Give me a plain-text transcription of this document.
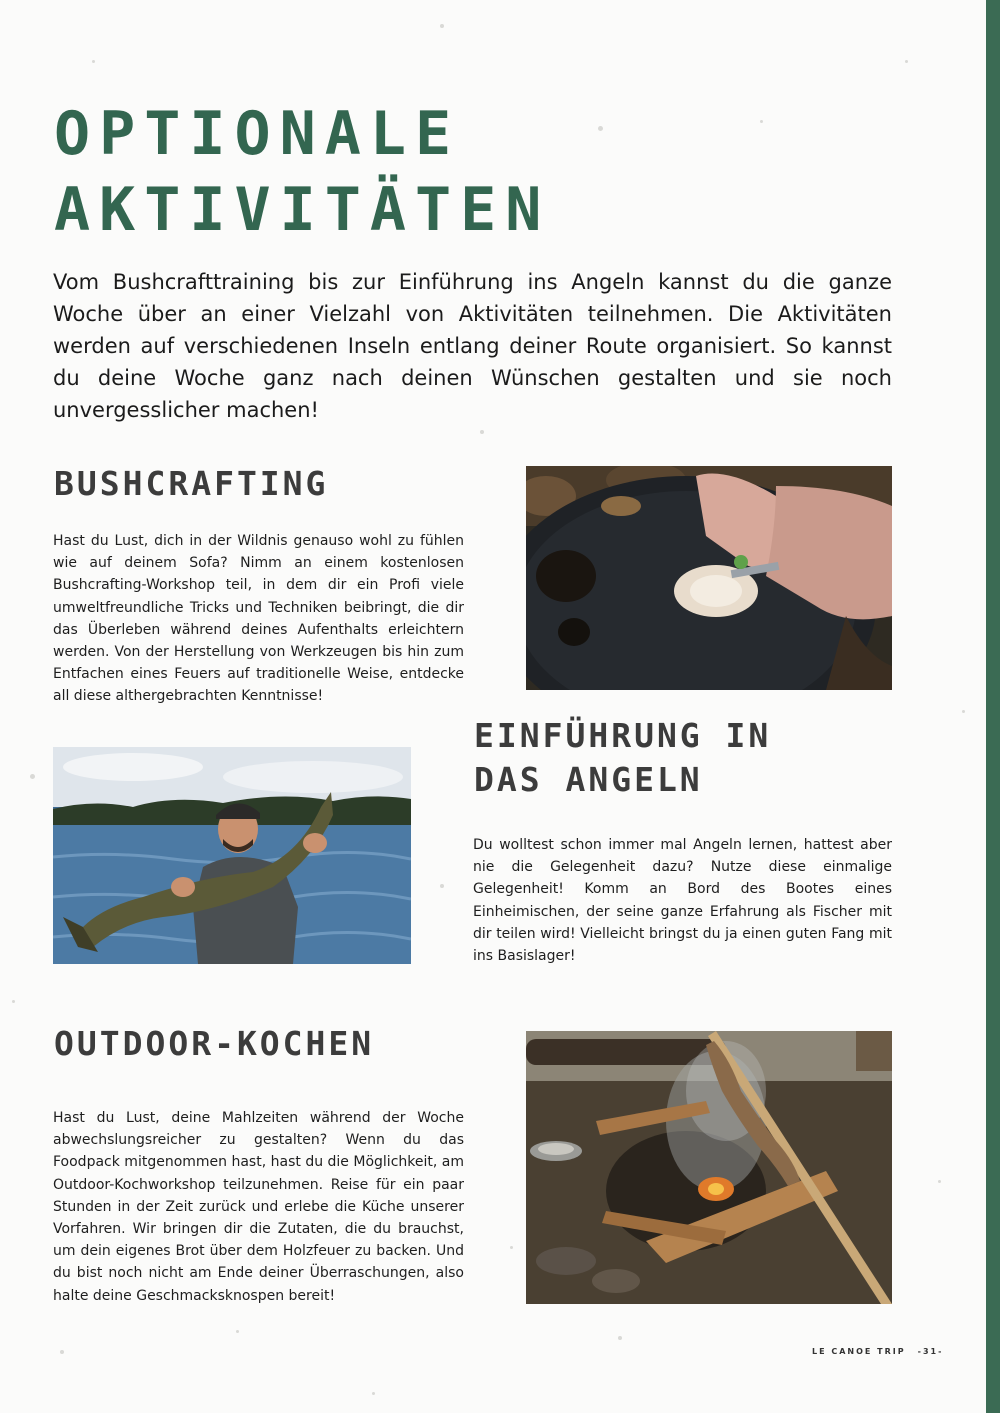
OPTIONALE AKTIVITÄTEN

Vom Bushcrafttraining bis zur Einführung ins Angeln kannst du die ganze Woche über an einer Vielzahl von Aktivitäten teilnehmen. Die Aktivitäten werden auf verschiedenen Inseln entlang deiner Route organisiert. So kannst du deine Woche ganz nach deinen Wünschen gestalten und sie noch unvergesslicher machen!

BUSHCRAFTING

Hast du Lust, dich in der Wildnis genauso wohl zu fühlen wie auf deinem Sofa? Nimm an einem kostenlosen Bushcrafting-Workshop teil, in dem dir ein Profi viele umweltfreundliche Tricks und Techniken beibringt, die dir das Überleben während deines Aufenthalts erleichtern werden. Von der Herstellung von Werkzeugen bis hin zum Entfachen eines Feuers auf traditionelle Weise, entdecke all diese althergebrachten Kenntnisse!

EINFÜHRUNG IN
DAS ANGELN

Du wolltest schon immer mal Angeln lernen, hattest aber nie die Gelegenheit dazu? Nutze diese einmalige Gelegenheit! Komm an Bord des Bootes eines Einheimischen, der seine ganze Erfahrung als Fischer mit dir teilen wird! Vielleicht bringst du ja einen guten Fang mit ins Basislager!

OUTDOOR-KOCHEN

Hast du Lust, deine Mahlzeiten während der Woche abwechslungsreicher zu gestalten? Wenn du das Foodpack mitgenommen hast, hast du die Möglichkeit, am Outdoor-Kochworkshop teilzunehmen. Reise für ein paar Stunden in der Zeit zurück und erlebe die Küche unserer Vorfahren. Wir bringen dir die Zutaten, die du brauchst, um dein eigenes Brot über dem Holzfeuer zu backen. Und du bist noch nicht am Ende deiner Überraschungen, also halte deine Geschmacksknospen bereit!

LE CANOE TRIP -31-
